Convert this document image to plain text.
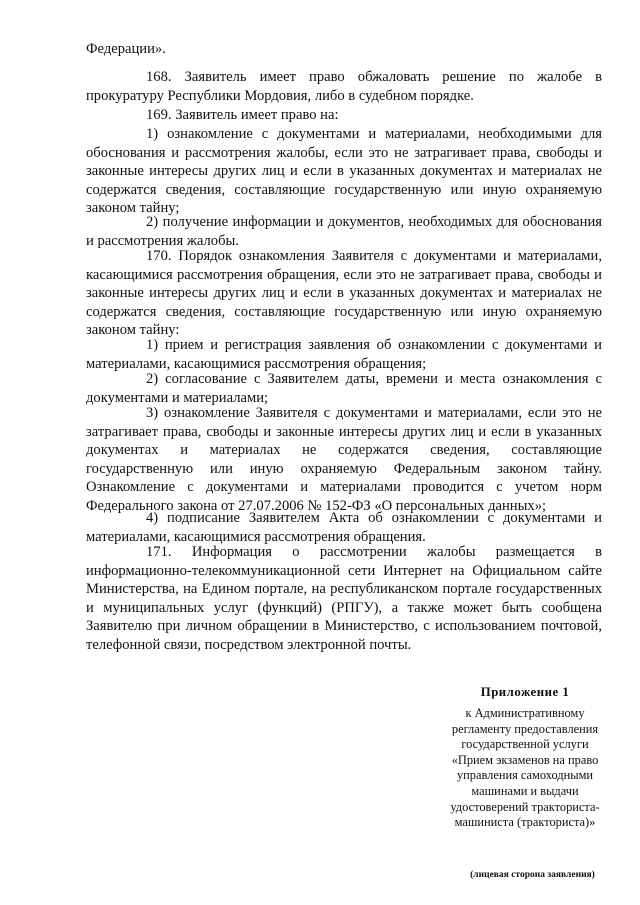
Федерации».

168. Заявитель имеет право обжаловать решение по жалобе в прокуратуру Республики Мордовия, либо в судебном порядке.

169. Заявитель имеет право на:

1) ознакомление с документами и материалами, необходимыми для обоснования и рассмотрения жалобы, если это не затрагивает права, свободы и законные интересы других лиц и если в указанных документах и материалах не содержатся сведения, составляющие государственную или иную охраняемую законом тайну;

2) получение информации и документов, необходимых для обоснования и рассмотрения жалобы.

170. Порядок ознакомления Заявителя с документами и материалами, касающимися рассмотрения обращения, если это не затрагивает права, свободы и законные интересы других лиц и если в указанных документах и материалах не содержатся сведения, составляющие государственную или иную охраняемую законом тайну:

1) прием и регистрация заявления об ознакомлении с документами и материалами, касающимися рассмотрения обращения;

2) согласование с Заявителем даты, времени и места ознакомления с документами и материалами;

3) ознакомление Заявителя с документами и материалами, если это не затрагивает права, свободы и законные интересы других лиц и если в указанных документах и материалах не содержатся сведения, составляющие государственную или иную охраняемую Федеральным законом тайну. Ознакомление с документами и материалами проводится с учетом норм Федерального закона от 27.07.2006 № 152-ФЗ «О персональных данных»;

4) подписание Заявителем Акта об ознакомлении с документами и материалами, касающимися рассмотрения обращения.

171. Информация о рассмотрении жалобы размещается в информационно-телекоммуникационной сети Интернет на Официальном сайте Министерства, на Едином портале, на республиканском портале государственных и муниципальных услуг (функций) (РПГУ), а также может быть сообщена Заявителю при личном обращении в Министерство, с использованием почтовой, телефонной связи, посредством электронной почты.

Приложение 1
к Административному регламенту предоставления государственной услуги «Прием экзаменов на право управления самоходными машинами и выдачи удостоверений тракториста-машиниста (тракториста)»
(лицевая сторона заявления)
